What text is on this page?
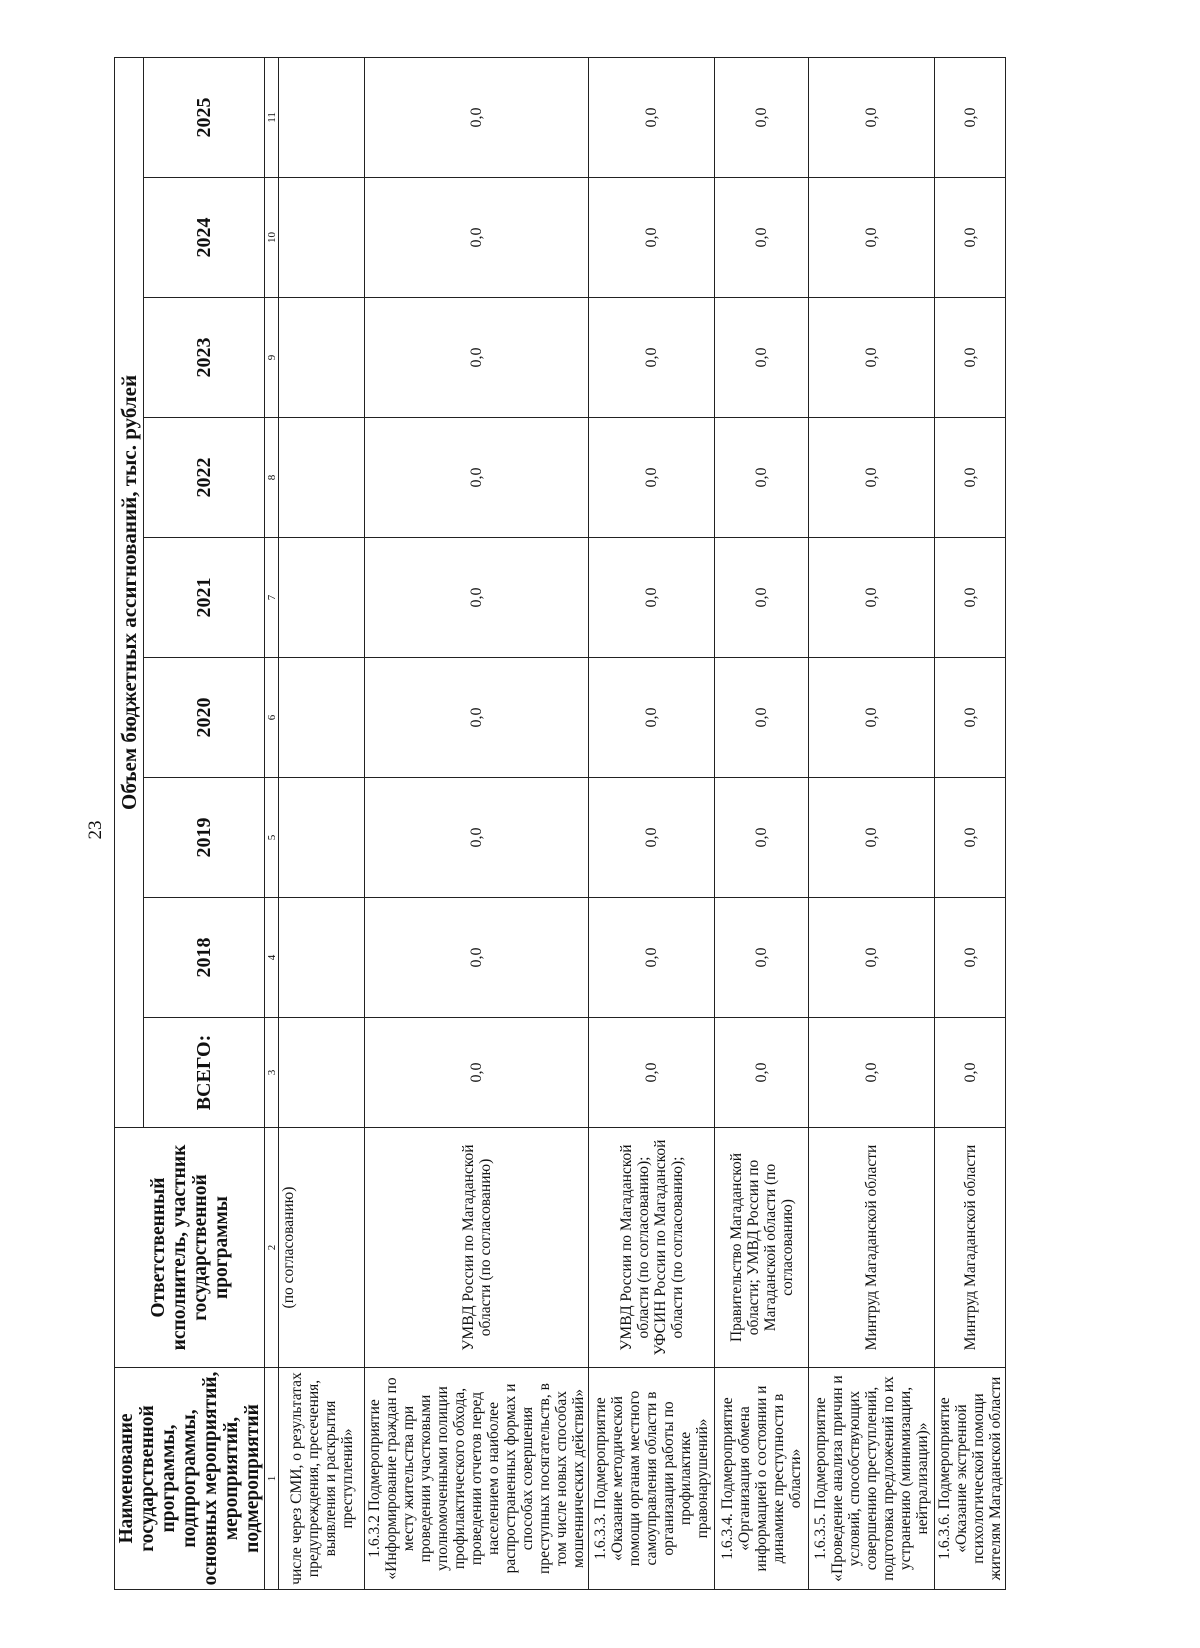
23
Наименование государственной программы, подпрограммы, основных мероприятий, мероприятий, подмероприятий	Ответственный исполнитель, участник государственной программы	Объем бюджетных ассигнований, тыс. рублей								
		ВСЕГО:	2018	2019	2020	2021	2022	2023	2024	2025
1	2	3	4	5	6	7	8	9	10	11
числе через СМИ, о результатах предупреждения, пресечения, выявления и раскрытия преступлений»	(по согласованию)									
1.6.3.2 Подмероприятие «Информирование граждан по месту жительства при проведении участковыми уполномоченными полиции профилактического обхода, проведении отчетов перед населением о наиболее распространенных формах и способах совершения преступных посягательств, в том числе новых способах мошеннических действий»	УМВД России по Магаданской области (по согласованию)	0,0	0,0	0,0	0,0	0,0	0,0	0,0	0,0	0,0
1.6.3.3. Подмероприятие «Оказание методической помощи органам местного самоуправления области в организации работы по профилактике правонарушений»	УМВД России по Магаданской области (по согласованию); УФСИН России по Магаданской области (по согласованию);	0,0	0,0	0,0	0,0	0,0	0,0	0,0	0,0	0,0
1.6.3.4. Подмероприятие «Организация обмена информацией о состоянии и динамике преступности в области»	Правительство Магаданской области; УМВД России по Магаданской области (по согласованию)	0,0	0,0	0,0	0,0	0,0	0,0	0,0	0,0	0,0
1.6.3.5. Подмероприятие «Проведение анализа причин и условий, способствующих совершению преступлений, подготовка предложений по их устранению (минимизации, нейтрализации)»	Минтруд Магаданской области	0,0	0,0	0,0	0,0	0,0	0,0	0,0	0,0	0,0
1.6.3.6. Подмероприятие «Оказание экстренной психологической помощи жителям Магаданской области	Минтруд Магаданской области	0,0	0,0	0,0	0,0	0,0	0,0	0,0	0,0	0,0
